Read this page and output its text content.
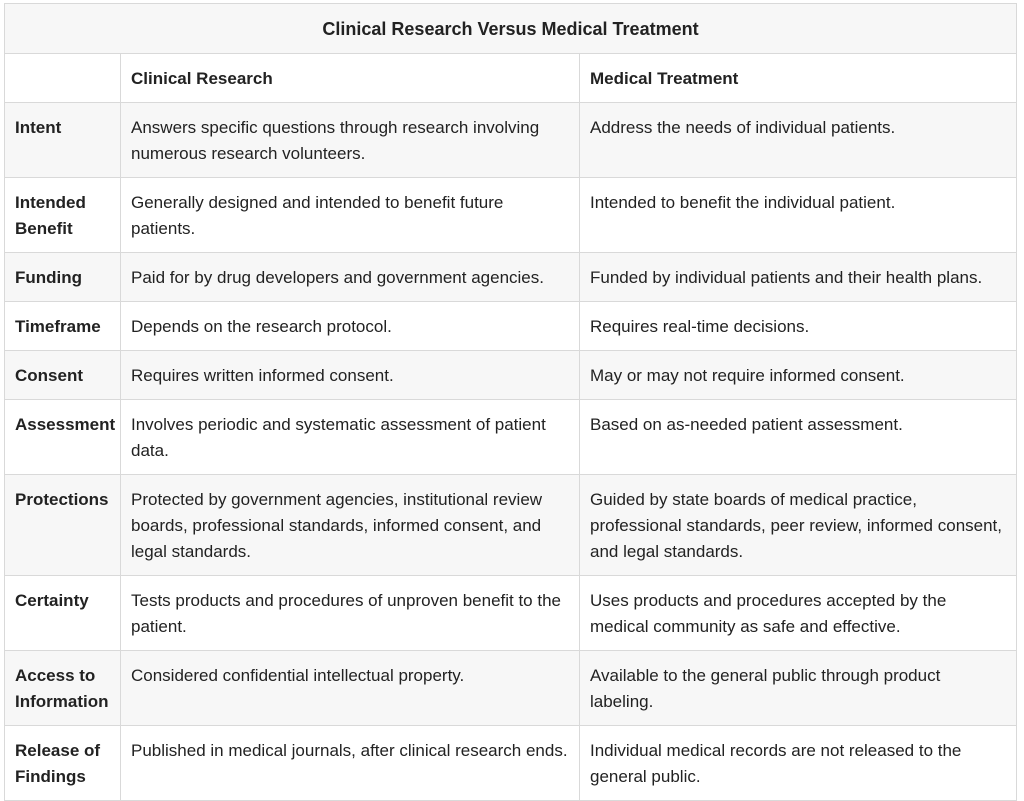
Clinical Research Versus Medical Treatment		
	Clinical Research	Medical Treatment
Intent	Answers specific questions through research involving numerous research volunteers.	Address the needs of individual patients.
Intended Benefit	Generally designed and intended to benefit future patients.	Intended to benefit the individual patient.
Funding	Paid for by drug developers and government agencies.	Funded by individual patients and their health plans.
Timeframe	Depends on the research protocol.	Requires real-time decisions.
Consent	Requires written informed consent.	May or may not require informed consent.
Assessment	Involves periodic and systematic assessment of patient data.	Based on as-needed patient assessment.
Protections	Protected by government agencies, institutional review boards, professional standards, informed consent, and legal standards.	Guided by state boards of medical practice, professional standards, peer review, informed consent, and legal standards.
Certainty	Tests products and procedures of unproven benefit to the patient.	Uses products and procedures accepted by the medical community as safe and effective.
Access to Information	Considered confidential intellectual property.	Available to the general public through product labeling.
Release of Findings	Published in medical journals, after clinical research ends.	Individual medical records are not released to the general public.
